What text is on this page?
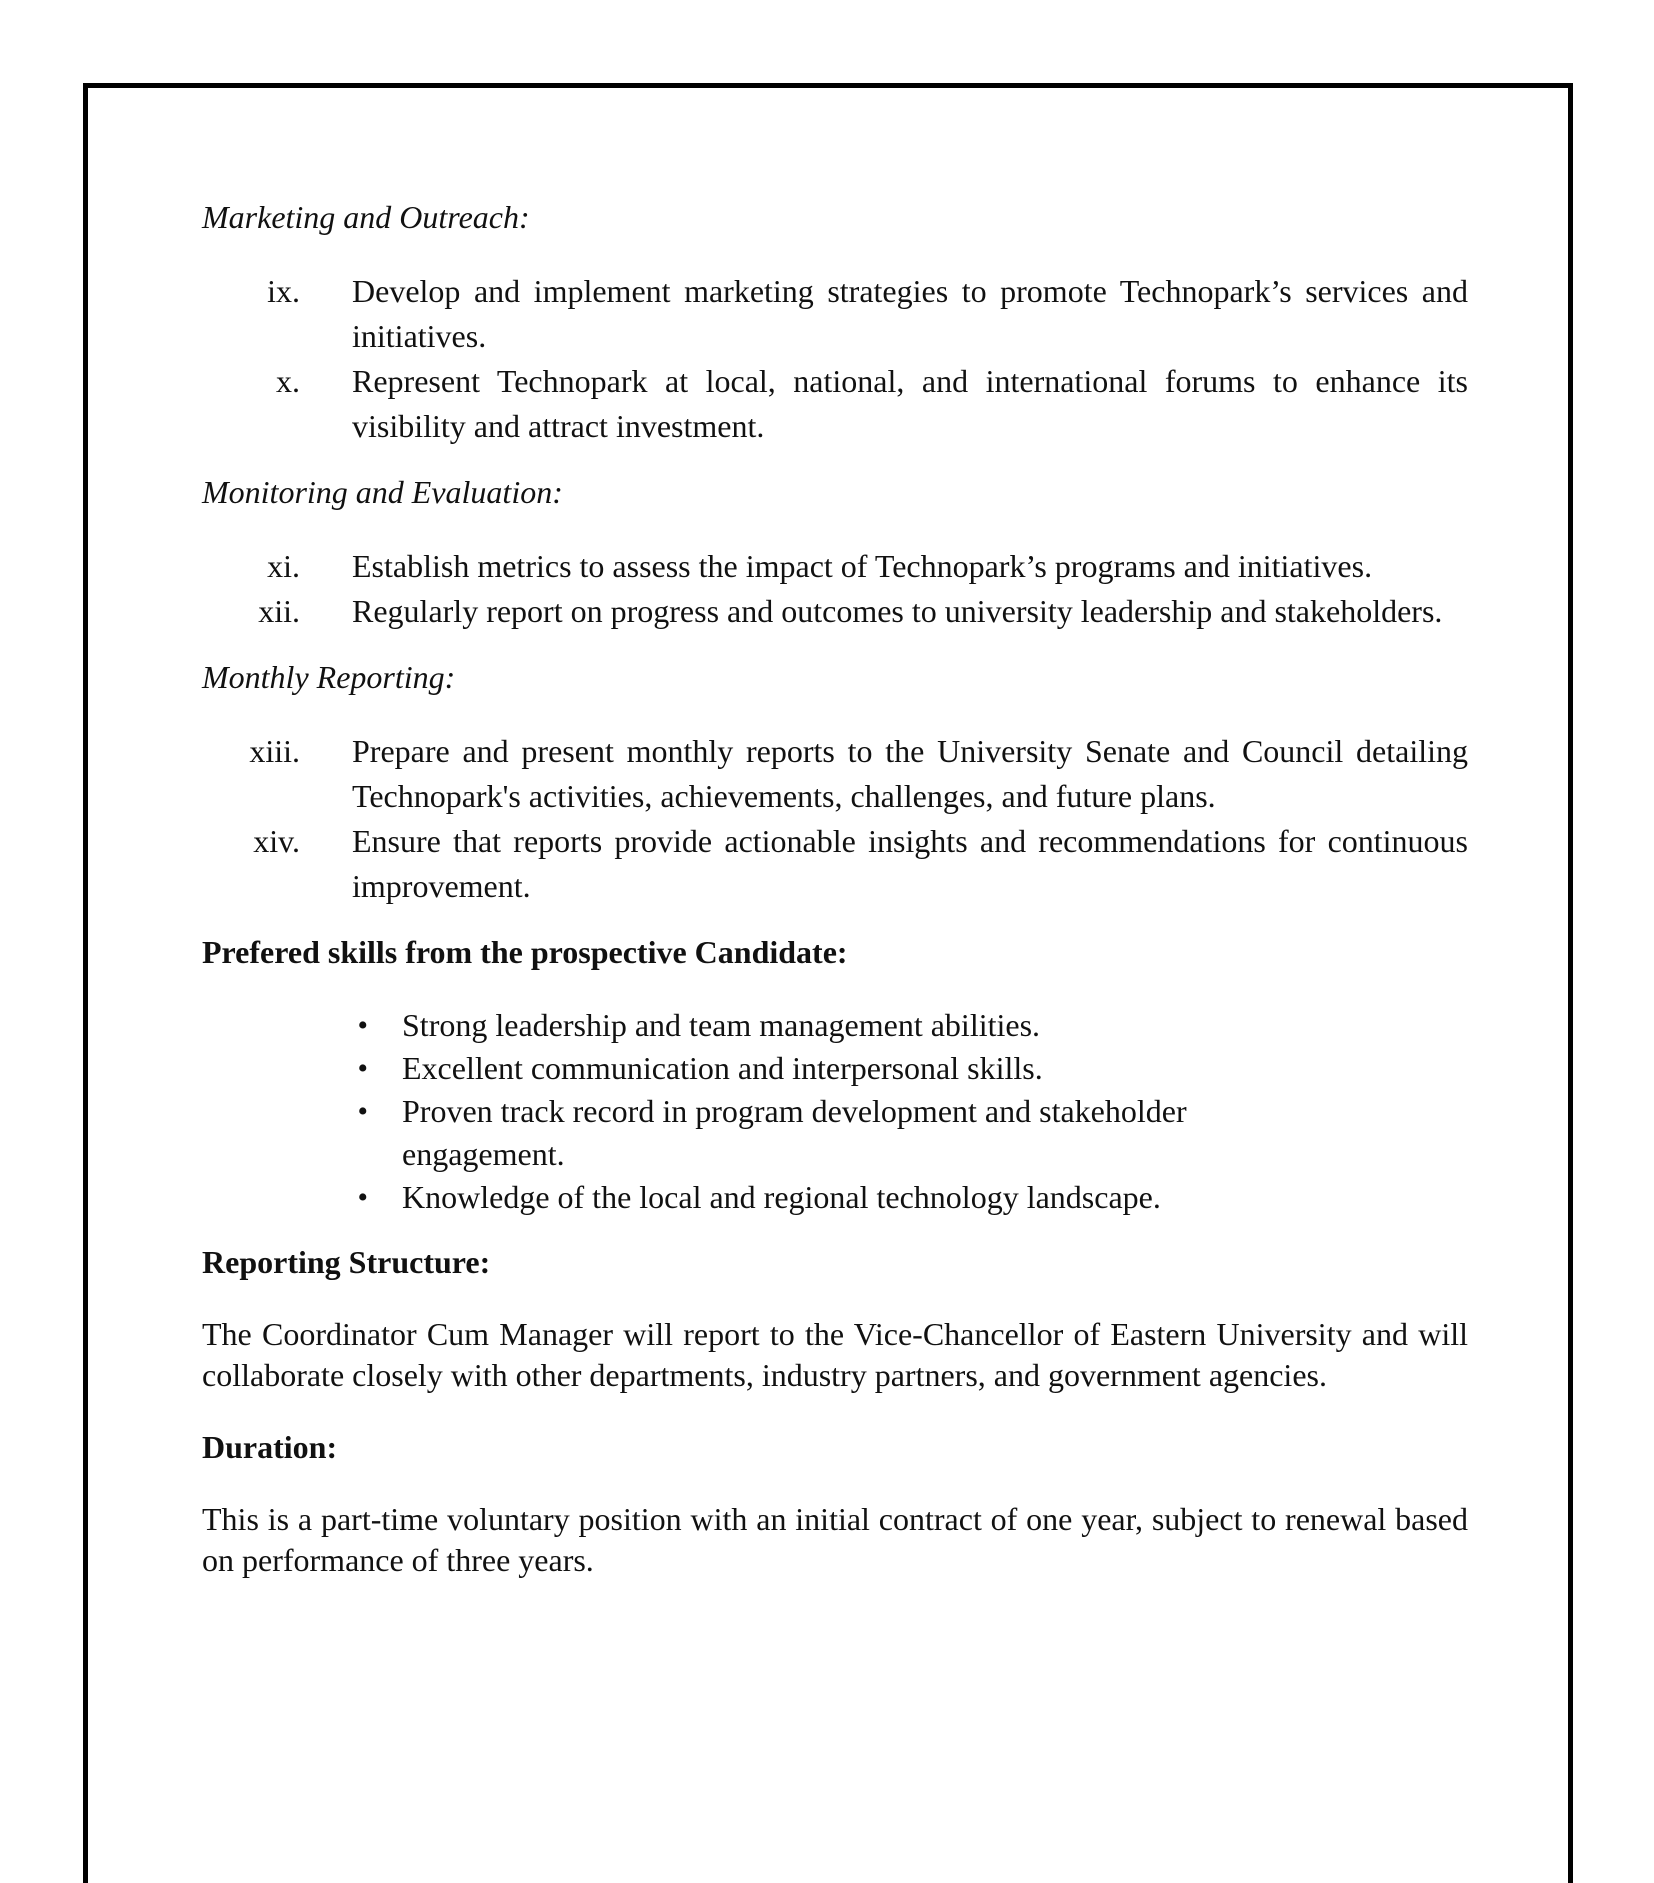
Marketing and Outreach:
ix.	Develop and implement marketing strategies to promote Technopark’s services and initiatives.
x.	Represent Technopark at local, national, and international forums to enhance its visibility and attract investment.
Monitoring and Evaluation:
xi.	Establish metrics to assess the impact of Technopark’s programs and initiatives.
xii.	Regularly report on progress and outcomes to university leadership and stakeholders.
Monthly Reporting:
xiii.	Prepare and present monthly reports to the University Senate and Council detailing Technopark's activities, achievements, challenges, and future plans.
xiv.	Ensure that reports provide actionable insights and recommendations for continuous improvement.
Prefered skills from the prospective Candidate:
•	Strong leadership and team management abilities.
•	Excellent communication and interpersonal skills.
•	Proven track record in program development and stakeholder engagement.
•	Knowledge of the local and regional technology landscape.
Reporting Structure:

The Coordinator Cum Manager will report to the Vice-Chancellor of Eastern University and will collaborate closely with other departments, industry partners, and government agencies.

Duration:

This is a part-time voluntary position with an initial contract of one year, subject to renewal based on performance of three years.
